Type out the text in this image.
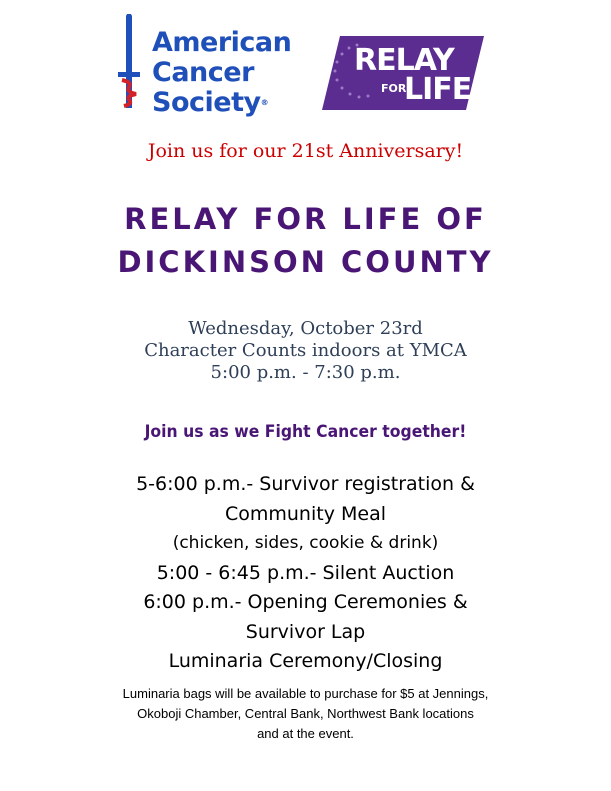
American
Cancer
Society®
RELAY
FOR
LIFE
Join us for our 21st Anniversary!
RELAY FOR LIFE OF
DICKINSON COUNTY
Wednesday, October 23rd
Character Counts indoors at YMCA
5:00 p.m. - 7:30 p.m.
Join us as we Fight Cancer together!
5-6:00 p.m.- Survivor registration &
Community Meal
(chicken, sides, cookie & drink)
5:00 - 6:45 p.m.- Silent Auction
6:00 p.m.- Opening Ceremonies &
Survivor Lap
Luminaria Ceremony/Closing
Luminaria bags will be available to purchase for $5 at Jennings,
Okoboji Chamber, Central Bank, Northwest Bank locations
and at the event.
